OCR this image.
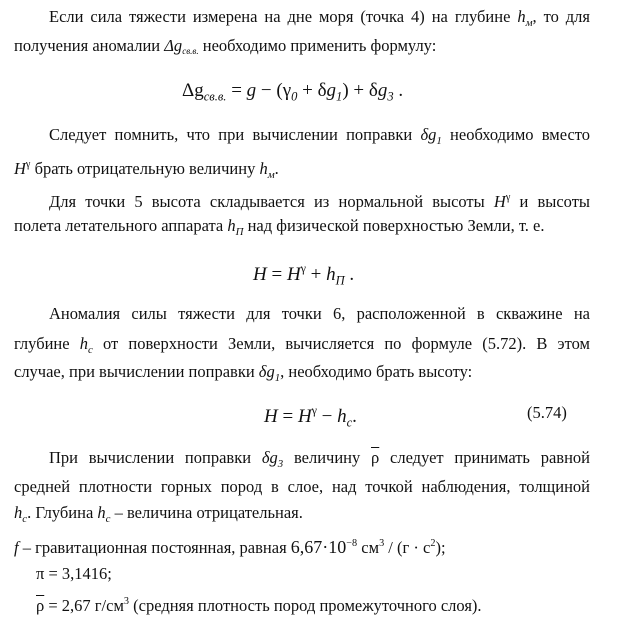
Если сила тяжести измерена на дне моря (точка 4) на глубине $h_м$, то для
получения аномалии $\Delta g_{св.в.}$ необходимо применить формулу:
$\Delta g_{св.в.} = g - (\gamma_0 + \delta g_1) + \delta g_3$ .
Следует помнить, что при вычислении поправки $\delta g_1$ необходимо вместо
$H^\gamma$ брать отрицательную величину $h_м$.
Для точки 5 высота складывается из нормальной высоты $H^\gamma$ и высоты
полета летательного аппарата $h_П$ над физической поверхностью Земли, т. е.
$H = H^\gamma + h_П$ .
Аномалия силы тяжести для точки 6, расположенной в скважине на
глубине $h_c$ от поверхности Земли, вычисляется по формуле (5.72). В этом
случае, при вычислении поправки $\delta g_1$, необходимо брать высоту:
$H = H^\gamma - h_c$.	(5.74)
При вычислении поправки $\delta g_3$ величину $\overline{\rho}$ следует принимать равной
средней плотности горных пород в слое, над точкой наблюдения, толщиной
$h_c$. Глубина $h_c$ – величина отрицательная.
f – гравитационная постоянная, равная $6,67\cdot 10^{-8}$ $см^3 / (г \cdot с^2)$;
π = 3,1416;
$\overline{\rho} = 2,67$ $г/см^3$ (средняя плотность пород промежуточного слоя).
